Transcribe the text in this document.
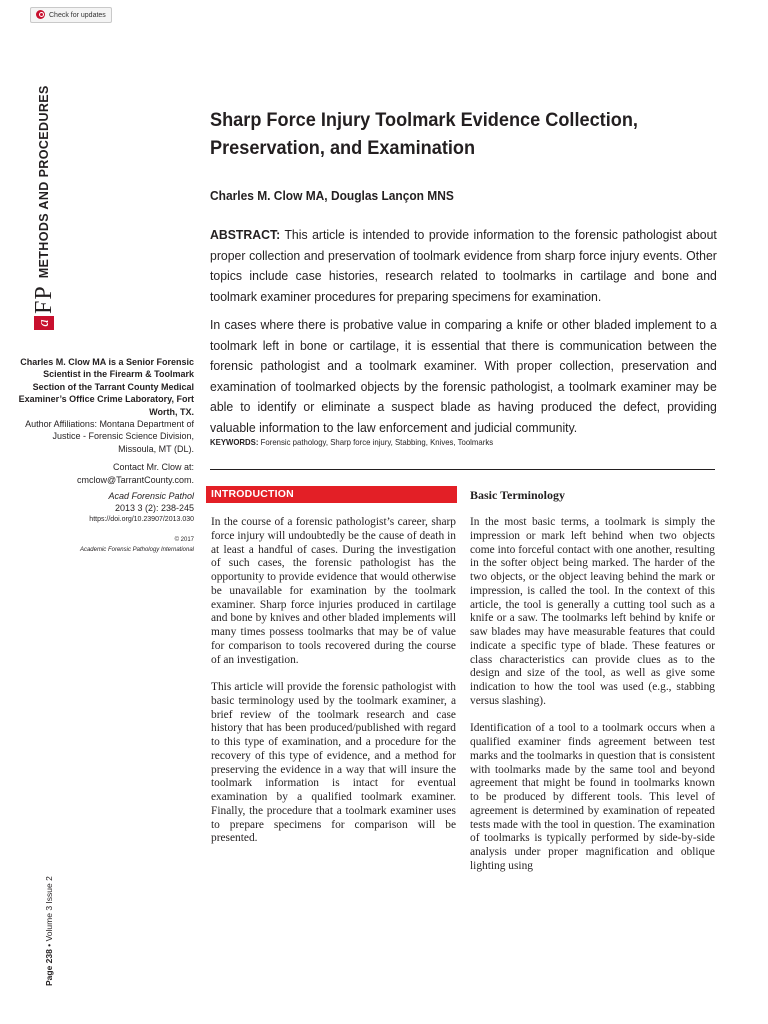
Check for updates
a
FP
METHODS AND PROCEDURES	Sharp Force Injury Toolmark Evidence Collection, Preservation, and Examination
Charles M. Clow MA, Douglas Lançon MNS

ABSTRACT: This article is intended to provide information to the forensic pathologist about proper collection and preservation of toolmark evidence from sharp force injury events. Other topics include case histories, research related to toolmarks in cartilage and bone and toolmark examiner procedures for preparing specimens for examination.

In cases where there is probative value in comparing a knife or other bladed implement to a toolmark left in bone or cartilage, it is essential that there is communication between the forensic pathologist and a toolmark examiner. With proper collection, preservation and examination of toolmarked objects by the forensic pathologist, a toolmark examiner may be able to identify or eliminate a suspect blade as having produced the defect, providing valuable information to the law enforcement and judicial community.

KEYWORDS: Forensic pathology, Sharp force injury, Stabbing, Knives, Toolmarks
Charles M. Clow MA is a Senior Forensic Scientist in the Firearm & Toolmark Section of the Tarrant County Medical Examiner’s Office Crime Laboratory, Fort Worth, TX.
Author Affiliations: Montana Department of Justice - Forensic Science Division, Missoula, MT (DL).
Contact Mr. Clow at:
cmclow@TarrantCounty.com.
Acad Forensic Pathol
2013 3 (2): 238-245
https://doi.org/10.23907/2013.030
© 2017
Academic Forensic Pathology International
Page 238 • Volume 3 Issue 2
INTRODUCTION	Basic Terminology

In the course of a forensic pathologist’s career, sharp force injury will undoubtedly be the cause of death in at least a handful of cases. During the investigation of such cases, the forensic pathologist has the opportunity to provide evidence that would otherwise be unavailable for examination by the toolmark examiner. Sharp force injuries produced in cartilage and bone by knives and other bladed implements will many times possess toolmarks that may be of value for comparison to tools recovered during the course of an investigation.

This article will provide the forensic pathologist with basic terminology used by the toolmark examiner, a brief review of the toolmark research and case history that has been produced/published with regard to this type of examination, and a procedure for the recovery of this type of evidence, and a method for preserving the evidence in a way that will insure the toolmark information is intact for eventual examination by a qualified toolmark examiner. Finally, the procedure that a toolmark examiner uses to prepare specimens for comparison will be presented.

In the most basic terms, a toolmark is simply the impression or mark left behind when two objects come into forceful contact with one another, resulting in the softer object being marked. The harder of the two objects, or the object leaving behind the mark or impression, is called the tool. In the context of this article, the tool is generally a cutting tool such as a knife or a saw. The toolmarks left behind by knife or saw blades may have measurable features that could indicate a specific type of blade. These features or class characteristics can provide clues as to the design and size of the tool, as well as give some indication to how the tool was used (e.g., stabbing versus slashing).

Identification of a tool to a toolmark occurs when a qualified examiner finds agreement between test marks and the toolmarks in question that is consistent with toolmarks made by the same tool and beyond agreement that might be found in toolmarks known to be produced by different tools. This level of agreement is determined by examination of repeated tests made with the tool in question. The examination of toolmarks is typically performed by side-by-side analysis under proper magnification and oblique lighting using
